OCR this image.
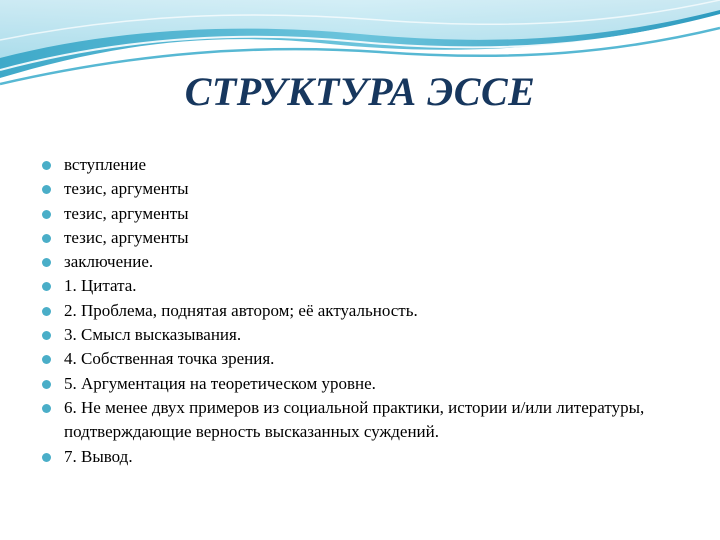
СТРУКТУРА ЭССЕ
вступление
тезис, аргументы
тезис, аргументы
тезис, аргументы
заключение.
1. Цитата.
2. Проблема, поднятая автором; её актуальность.
3. Смысл высказывания.
4. Собственная точка зрения.
5. Аргументация на теоретическом уровне.
6. Не менее двух примеров из социальной практики, истории и/или литературы, подтверждающие верность высказанных суждений.
7. Вывод.
